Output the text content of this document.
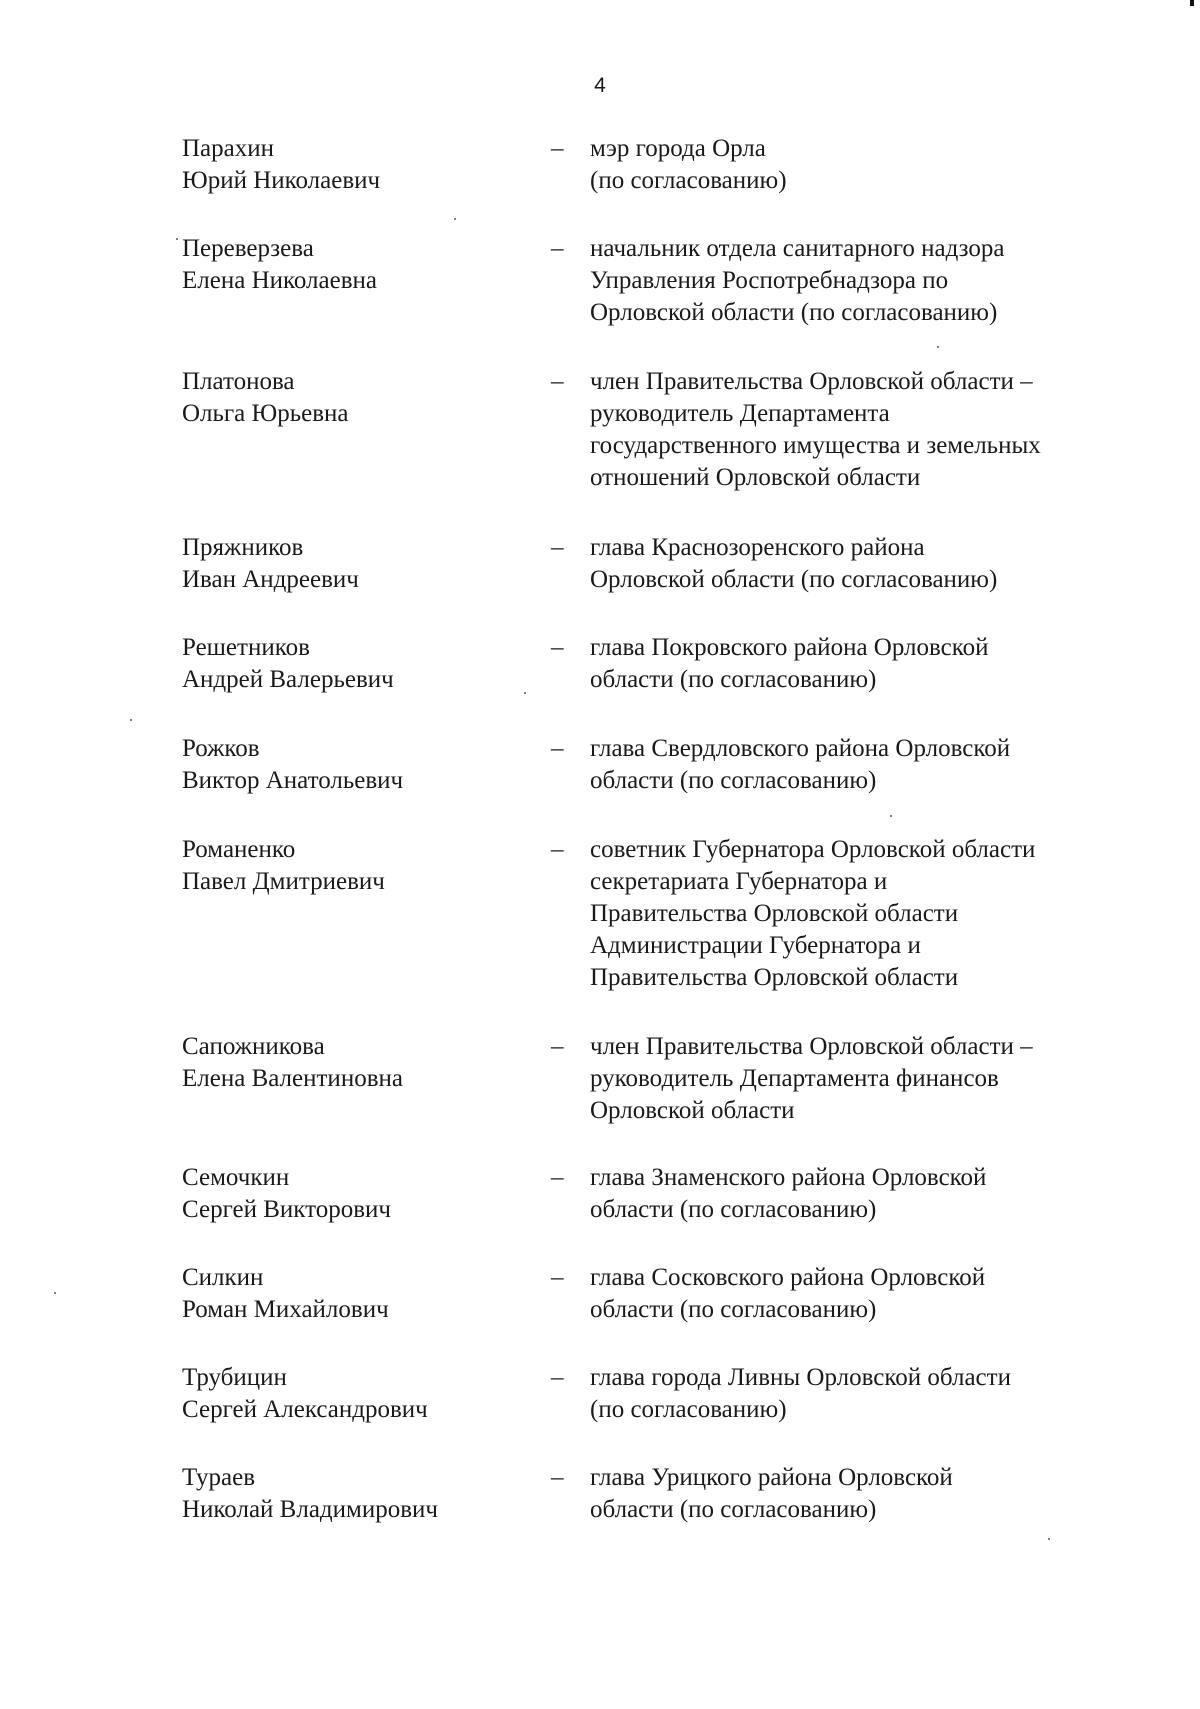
4
Парахин
Юрий Николаевич
– мэр города Орла
(по согласованию)
Переверзева
Елена Николаевна
– начальник отдела санитарного надзора
Управления Роспотребнадзора по
Орловской области (по согласованию)
Платонова
Ольга Юрьевна
– член Правительства Орловской области –
руководитель Департамента
государственного имущества и земельных
отношений Орловской области
Пряжников
Иван Андреевич
– глава Краснозоренского района
Орловской области (по согласованию)
Решетников
Андрей Валерьевич
– глава Покровского района Орловской
области (по согласованию)
Рожков
Виктор Анатольевич
– глава Свердловского района Орловской
области (по согласованию)
Романенко
Павел Дмитриевич
– советник Губернатора Орловской области
секретариата Губернатора и
Правительства Орловской области
Администрации Губернатора и
Правительства Орловской области
Сапожникова
Елена Валентиновна
– член Правительства Орловской области –
руководитель Департамента финансов
Орловской области
Семочкин
Сергей Викторович
– глава Знаменского района Орловской
области (по согласованию)
Силкин
Роман Михайлович
– глава Сосковского района Орловской
области (по согласованию)
Трубицин
Сергей Александрович
– глава города Ливны Орловской области
(по согласованию)
Тураев
Николай Владимирович
– глава Урицкого района Орловской
области (по согласованию)
